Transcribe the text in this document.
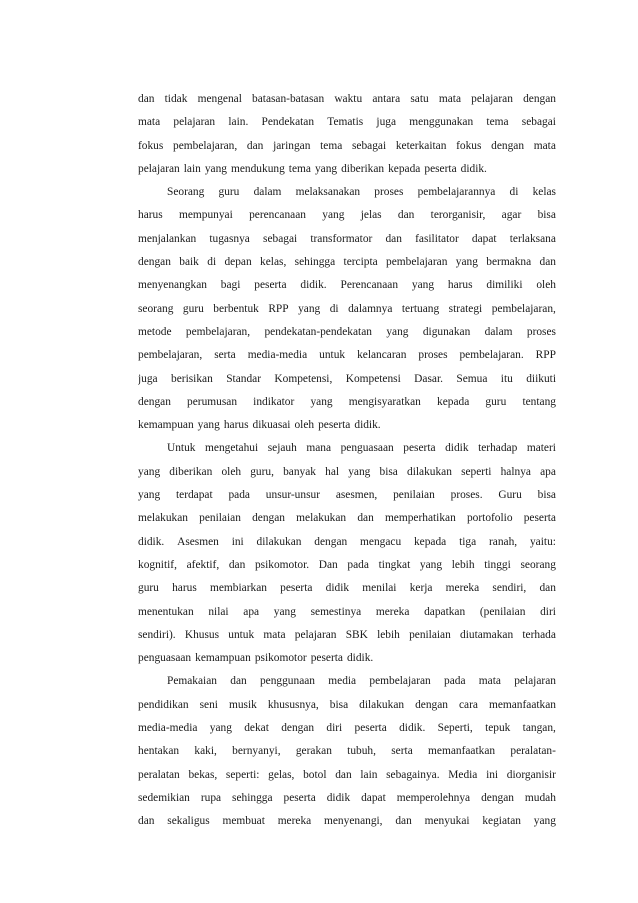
dan tidak mengenal batasan-batasan waktu antara satu mata pelajaran dengan
mata pelajaran lain. Pendekatan Tematis juga menggunakan tema sebagai
fokus pembelajaran, dan jaringan tema sebagai keterkaitan fokus dengan mata
pelajaran lain yang mendukung tema yang diberikan kepada peserta didik.
Seorang guru dalam melaksanakan proses pembelajarannya di kelas
harus mempunyai perencanaan yang jelas dan terorganisir, agar bisa
menjalankan tugasnya sebagai transformator dan fasilitator dapat terlaksana
dengan baik di depan kelas, sehingga tercipta pembelajaran yang bermakna dan
menyenangkan bagi peserta didik. Perencanaan yang harus dimiliki oleh
seorang guru berbentuk RPP yang di dalamnya tertuang strategi pembelajaran,
metode pembelajaran, pendekatan-pendekatan yang digunakan dalam proses
pembelajaran, serta media-media untuk kelancaran proses pembelajaran. RPP
juga berisikan Standar Kompetensi, Kompetensi Dasar. Semua itu diikuti
dengan perumusan indikator yang mengisyaratkan kepada guru tentang
kemampuan yang harus dikuasai oleh peserta didik.
Untuk mengetahui sejauh mana penguasaan peserta didik terhadap materi
yang diberikan oleh guru, banyak hal yang bisa dilakukan seperti halnya apa
yang terdapat pada unsur-unsur asesmen, penilaian proses. Guru bisa
melakukan penilaian dengan melakukan dan memperhatikan portofolio peserta
didik. Asesmen ini dilakukan dengan mengacu kepada tiga ranah, yaitu:
kognitif, afektif, dan psikomotor. Dan pada tingkat yang lebih tinggi seorang
guru harus membiarkan peserta didik menilai kerja mereka sendiri, dan
menentukan nilai apa yang semestinya mereka dapatkan (penilaian diri
sendiri). Khusus untuk mata pelajaran SBK lebih penilaian diutamakan terhada
penguasaan kemampuan psikomotor peserta didik.
Pemakaian dan penggunaan media pembelajaran pada mata pelajaran
pendidikan seni musik khususnya, bisa dilakukan dengan cara memanfaatkan
media-media yang dekat dengan diri peserta didik. Seperti, tepuk tangan,
hentakan kaki, bernyanyi, gerakan tubuh, serta memanfaatkan peralatan-
peralatan bekas, seperti: gelas, botol dan lain sebagainya. Media ini diorganisir
sedemikian rupa sehingga peserta didik dapat memperolehnya dengan mudah
dan sekaligus membuat mereka menyenangi, dan menyukai kegiatan yang
